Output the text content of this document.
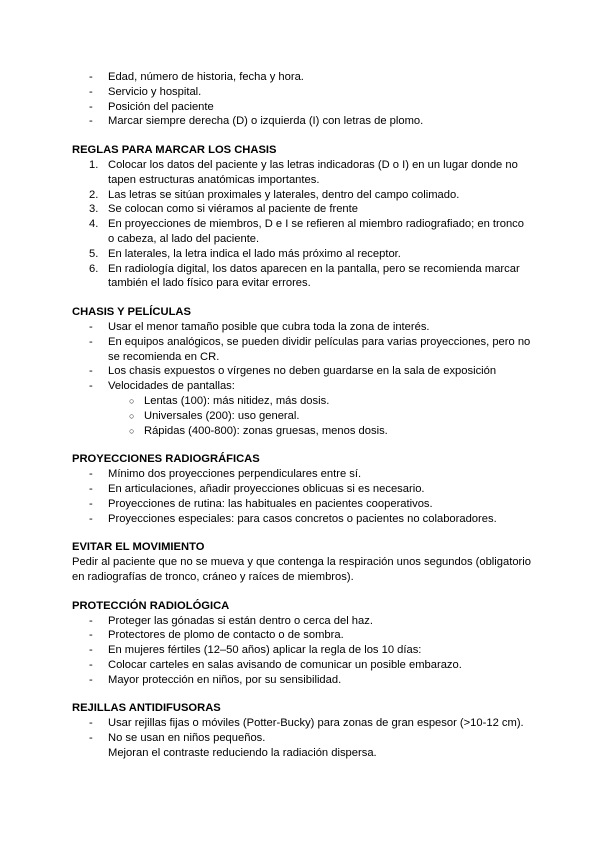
- Edad, número de historia, fecha y hora.
- Servicio y hospital.
- Posición del paciente
- Marcar siempre derecha (D) o izquierda (I) con letras de plomo.
REGLAS PARA MARCAR LOS CHASIS
1. Colocar los datos del paciente y las letras indicadoras (D o I) en un lugar donde no tapen estructuras anatómicas importantes.
2. Las letras se sitúan proximales y laterales, dentro del campo colimado.
3. Se colocan como si viéramos al paciente de frente
4. En proyecciones de miembros, D e I se refieren al miembro radiografiado; en tronco o cabeza, al lado del paciente.
5. En laterales, la letra indica el lado más próximo al receptor.
6. En radiología digital, los datos aparecen en la pantalla, pero se recomienda marcar también el lado físico para evitar errores.
CHASIS Y PELÍCULAS
- Usar el menor tamaño posible que cubra toda la zona de interés.
- En equipos analógicos, se pueden dividir películas para varias proyecciones, pero no se recomienda en CR.
- Los chasis expuestos o vírgenes no deben guardarse en la sala de exposición
- Velocidades de pantallas:
○ Lentas (100): más nitidez, más dosis.
○ Universales (200): uso general.
○ Rápidas (400-800): zonas gruesas, menos dosis.
PROYECCIONES RADIOGRÁFICAS
- Mínimo dos proyecciones perpendiculares entre sí.
- En articulaciones, añadir proyecciones oblicuas si es necesario.
- Proyecciones de rutina: las habituales en pacientes cooperativos.
- Proyecciones especiales: para casos concretos o pacientes no colaboradores.
EVITAR EL MOVIMIENTO

Pedir al paciente que no se mueva y que contenga la respiración unos segundos (obligatorio en radiografías de tronco, cráneo y raíces de miembros).

PROTECCIÓN RADIOLÓGICA
- Proteger las gónadas si están dentro o cerca del haz.
- Protectores de plomo de contacto o de sombra.
- En mujeres fértiles (12–50 años) aplicar la regla de los 10 días:
- Colocar carteles en salas avisando de comunicar un posible embarazo.
- Mayor protección en niños, por su sensibilidad.
REJILLAS ANTIDIFUSORAS
- Usar rejillas fijas o móviles (Potter-Bucky) para zonas de gran espesor (>10-12 cm).
- No se usan en niños pequeños.
Mejoran el contraste reduciendo la radiación dispersa.
